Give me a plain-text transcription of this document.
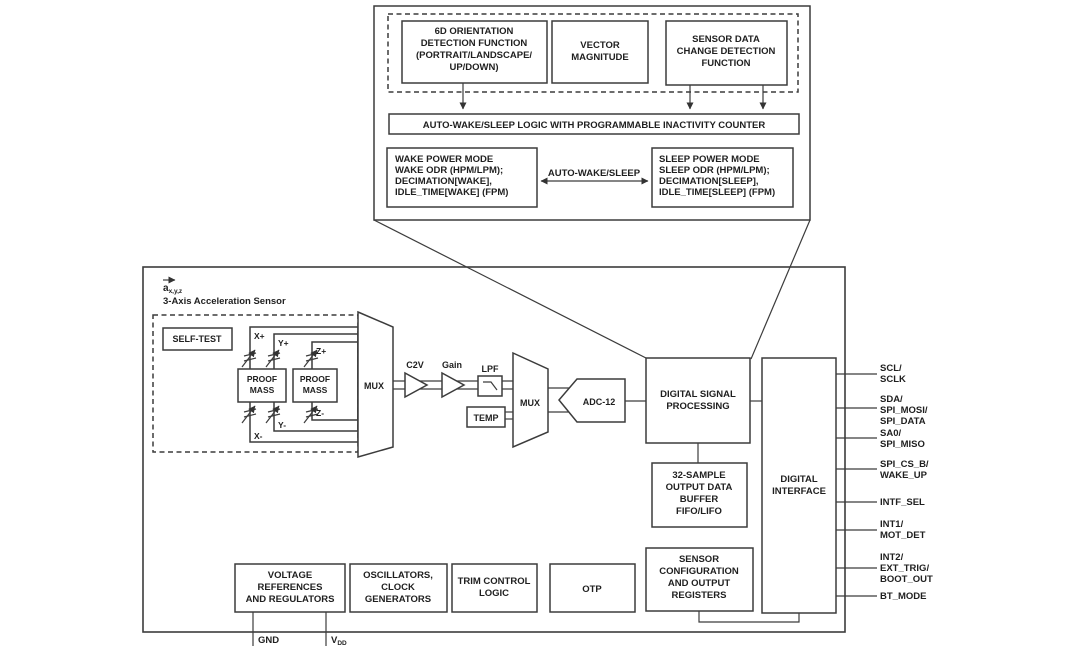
6D ORIENTATION
DETECTION FUNCTION
(PORTRAIT/LANDSCAPE/
UP/DOWN)
VECTOR
MAGNITUDE
SENSOR DATA
CHANGE DETECTION
FUNCTION
AUTO-WAKE/SLEEP LOGIC WITH PROGRAMMABLE INACTIVITY COUNTER
WAKE POWER MODE
WAKE ODR (HPM/LPM);
DECIMATION[WAKE],
IDLE_TIME[WAKE] (FPM)
SLEEP POWER MODE
SLEEP ODR (HPM/LPM);
DECIMATION[SLEEP],
IDLE_TIME[SLEEP] (FPM)
AUTO-WAKE/SLEEP
$a_{x,y,z}$
3-Axis Acceleration Sensor
PROOF
MASS
PROOF
MASS
X+
Y+
Z+
X-
Y-
Z-
SELF-TEST
MUX
C2V Gain LPF
TEMP
MUX	ADC-12
DIGITAL SIGNAL
PROCESSING
DIGITAL
INTERFACE
32-SAMPLE
OUTPUT DATA
BUFFER
FIFO/LIFO
SENSOR
CONFIGURATION
AND OUTPUT
REGISTERS
VOLTAGE
REFERENCES
AND REGULATORS
OSCILLATORS,
CLOCK
GENERATORS
TRIM CONTROL
LOGIC	OTP
GND	$V_{DD}$
SCL/
SCLK
SDA/
SPI_MOSI/
SPI_DATA
SA0/
SPI_MISO
SPI_CS_B/
WAKE_UP
INTF_SEL
INT1/
MOT_DET
INT2/
EXT_TRIG/
BOOT_OUT
BT_MODE
